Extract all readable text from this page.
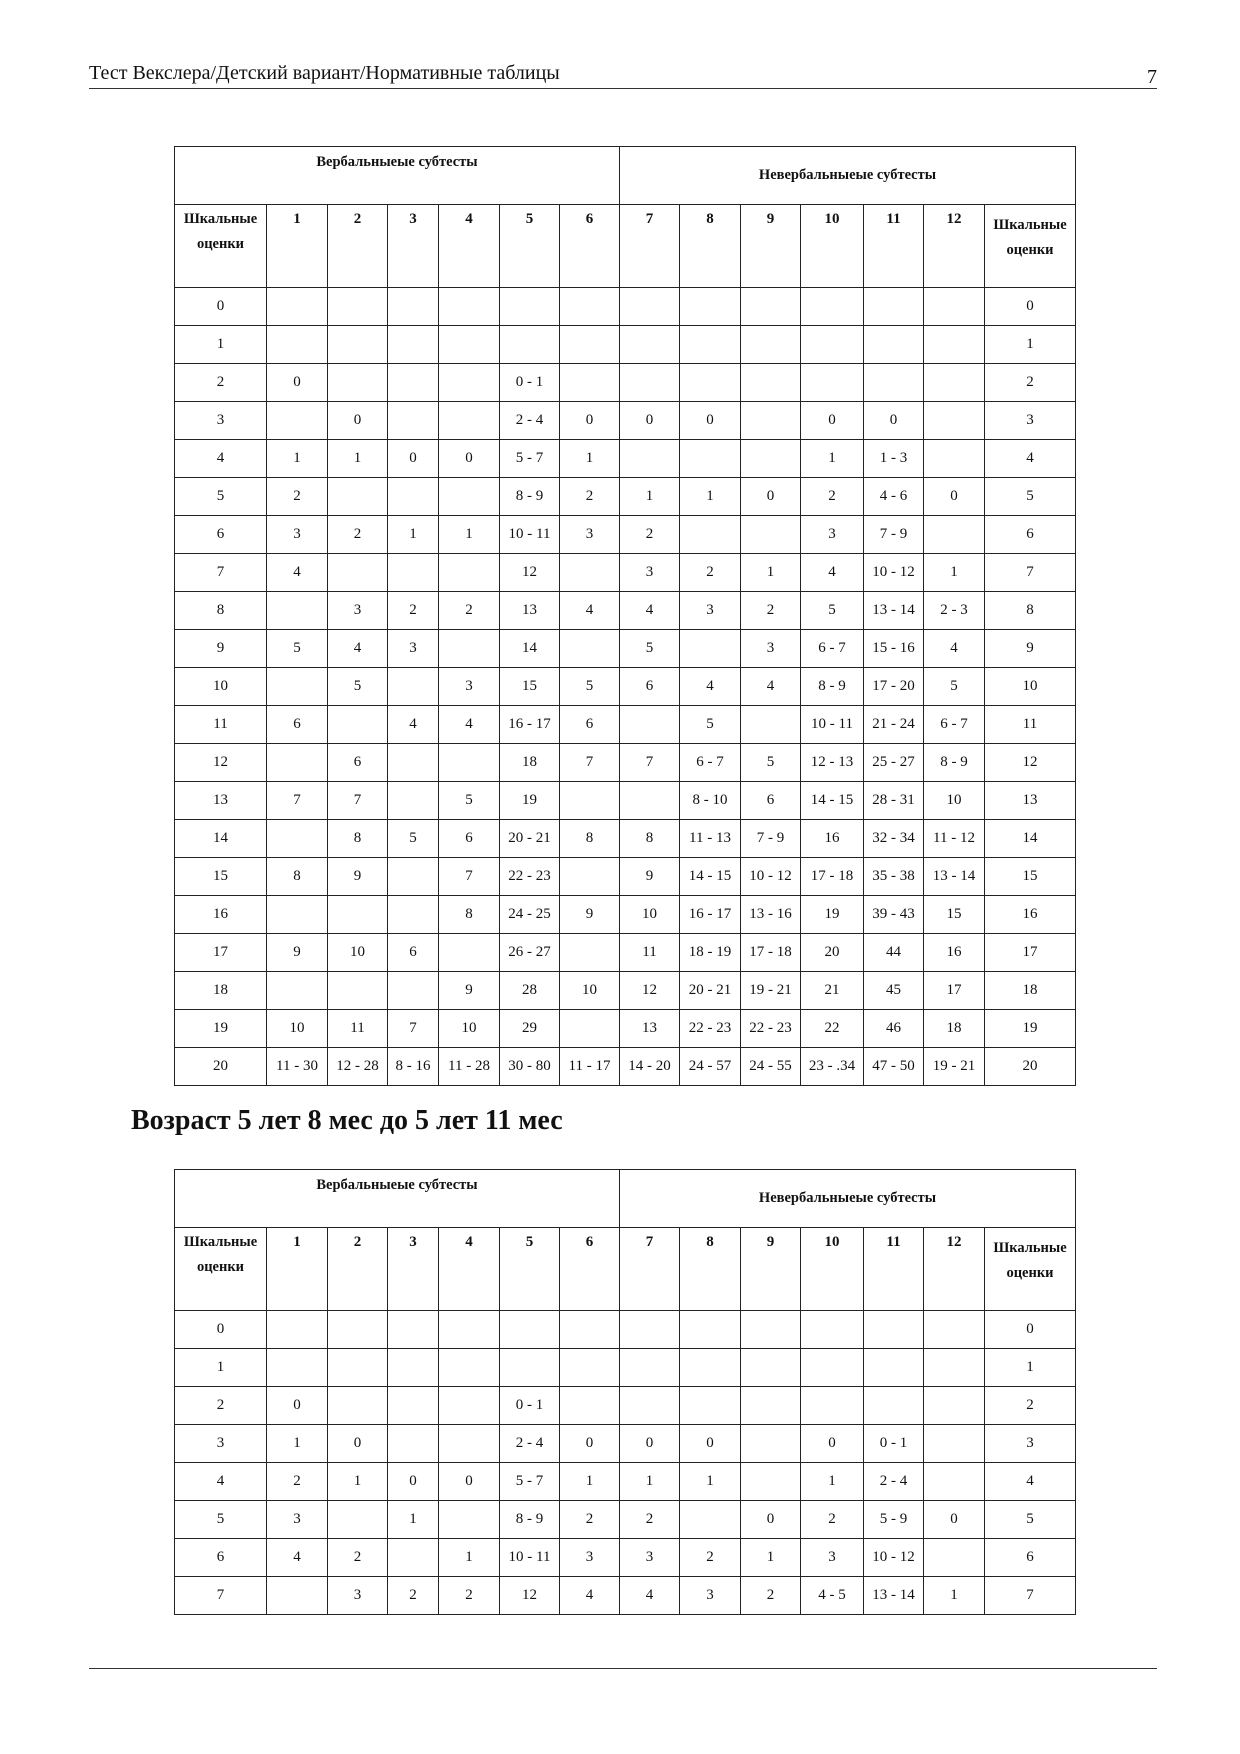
Тест Векслера/Детский вариант/Нормативные таблицы	7
Вербальныеые субтесты							Невербальныеые субтесты						
Шкальные оценки	1	2	3	4	5	6	7	8	9	10	11	12	Шкальные оценки
0													0
1													1
2	0				0 - 1								2
3		0			2 - 4	0	0	0		0	0		3
4	1	1	0	0	5 - 7	1				1	1 - 3		4
5	2				8 - 9	2	1	1	0	2	4 - 6	0	5
6	3	2	1	1	10 - 11	3	2			3	7 - 9		6
7	4				12		3	2	1	4	10 - 12	1	7
8		3	2	2	13	4	4	3	2	5	13 - 14	2 - 3	8
9	5	4	3		14		5		3	6 - 7	15 - 16	4	9
10		5		3	15	5	6	4	4	8 - 9	17 - 20	5	10
11	6		4	4	16 - 17	6		5		10 - 11	21 - 24	6 - 7	11
12		6			18	7	7	6 - 7	5	12 - 13	25 - 27	8 - 9	12
13	7	7		5	19			8 - 10	6	14 - 15	28 - 31	10	13
14		8	5	6	20 - 21	8	8	11 - 13	7 - 9	16	32 - 34	11 - 12	14
15	8	9		7	22 - 23		9	14 - 15	10 - 12	17 - 18	35 - 38	13 - 14	15
16				8	24 - 25	9	10	16 - 17	13 - 16	19	39 - 43	15	16
17	9	10	6		26 - 27		11	18 - 19	17 - 18	20	44	16	17
18				9	28	10	12	20 - 21	19 - 21	21	45	17	18
19	10	11	7	10	29		13	22 - 23	22 - 23	22	46	18	19
20	11 - 30	12 - 28	8 - 16	11 - 28	30 - 80	11 - 17	14 - 20	24 - 57	24 - 55	23 - .34	47 - 50	19 - 21	20
Возраст 5 лет 8 мес до 5 лет 11 мес
Вербальныеые субтесты							Невербальныеые субтесты						
Шкальные оценки	1	2	3	4	5	6	7	8	9	10	11	12	Шкальные оценки
0													0
1													1
2	0				0 - 1								2
3	1	0			2 - 4	0	0	0		0	0 - 1		3
4	2	1	0	0	5 - 7	1	1	1		1	2 - 4		4
5	3		1		8 - 9	2	2		0	2	5 - 9	0	5
6	4	2		1	10 - 11	3	3	2	1	3	10 - 12		6
7		3	2	2	12	4	4	3	2	4 - 5	13 - 14	1	7
